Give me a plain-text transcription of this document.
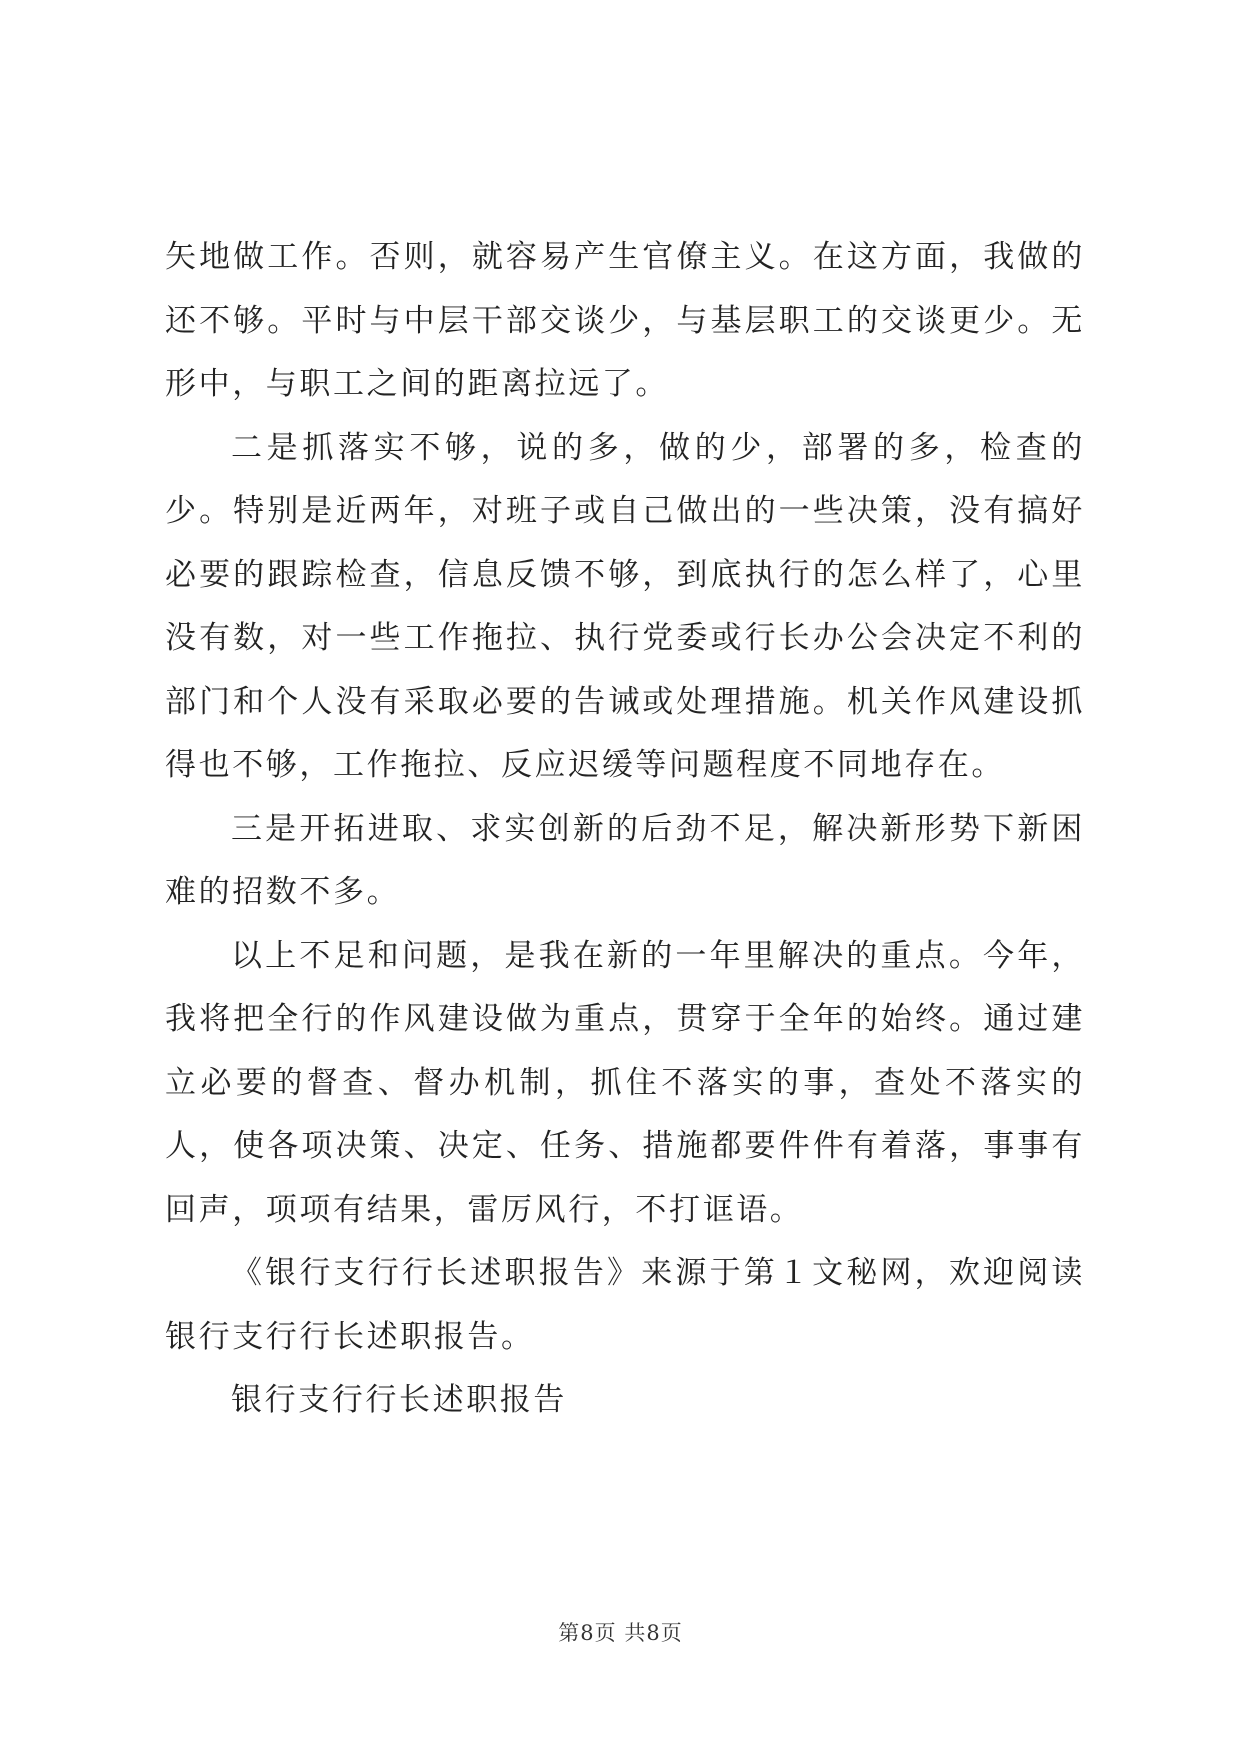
矢地做工作。否则，就容易产生官僚主义。在这方面，我做的还不够。平时与中层干部交谈少，与基层职工的交谈更少。无形中，与职工之间的距离拉远了。

二是抓落实不够，说的多，做的少，部署的多，检查的少。特别是近两年，对班子或自己做出的一些决策，没有搞好必要的跟踪检查，信息反馈不够，到底执行的怎么样了，心里没有数，对一些工作拖拉、执行党委或行长办公会决定不利的部门和个人没有采取必要的告诫或处理措施。机关作风建设抓得也不够，工作拖拉、反应迟缓等问题程度不同地存在。

三是开拓进取、求实创新的后劲不足，解决新形势下新困难的招数不多。

以上不足和问题，是我在新的一年里解决的重点。今年，我将把全行的作风建设做为重点，贯穿于全年的始终。通过建立必要的督查、督办机制，抓住不落实的事，查处不落实的人，使各项决策、决定、任务、措施都要件件有着落，事事有回声，项项有结果，雷厉风行，不打诓语。

《银行支行行长述职报告》来源于第１文秘网，欢迎阅读银行支行行长述职报告。

银行支行行长述职报告

第8页 共8页
